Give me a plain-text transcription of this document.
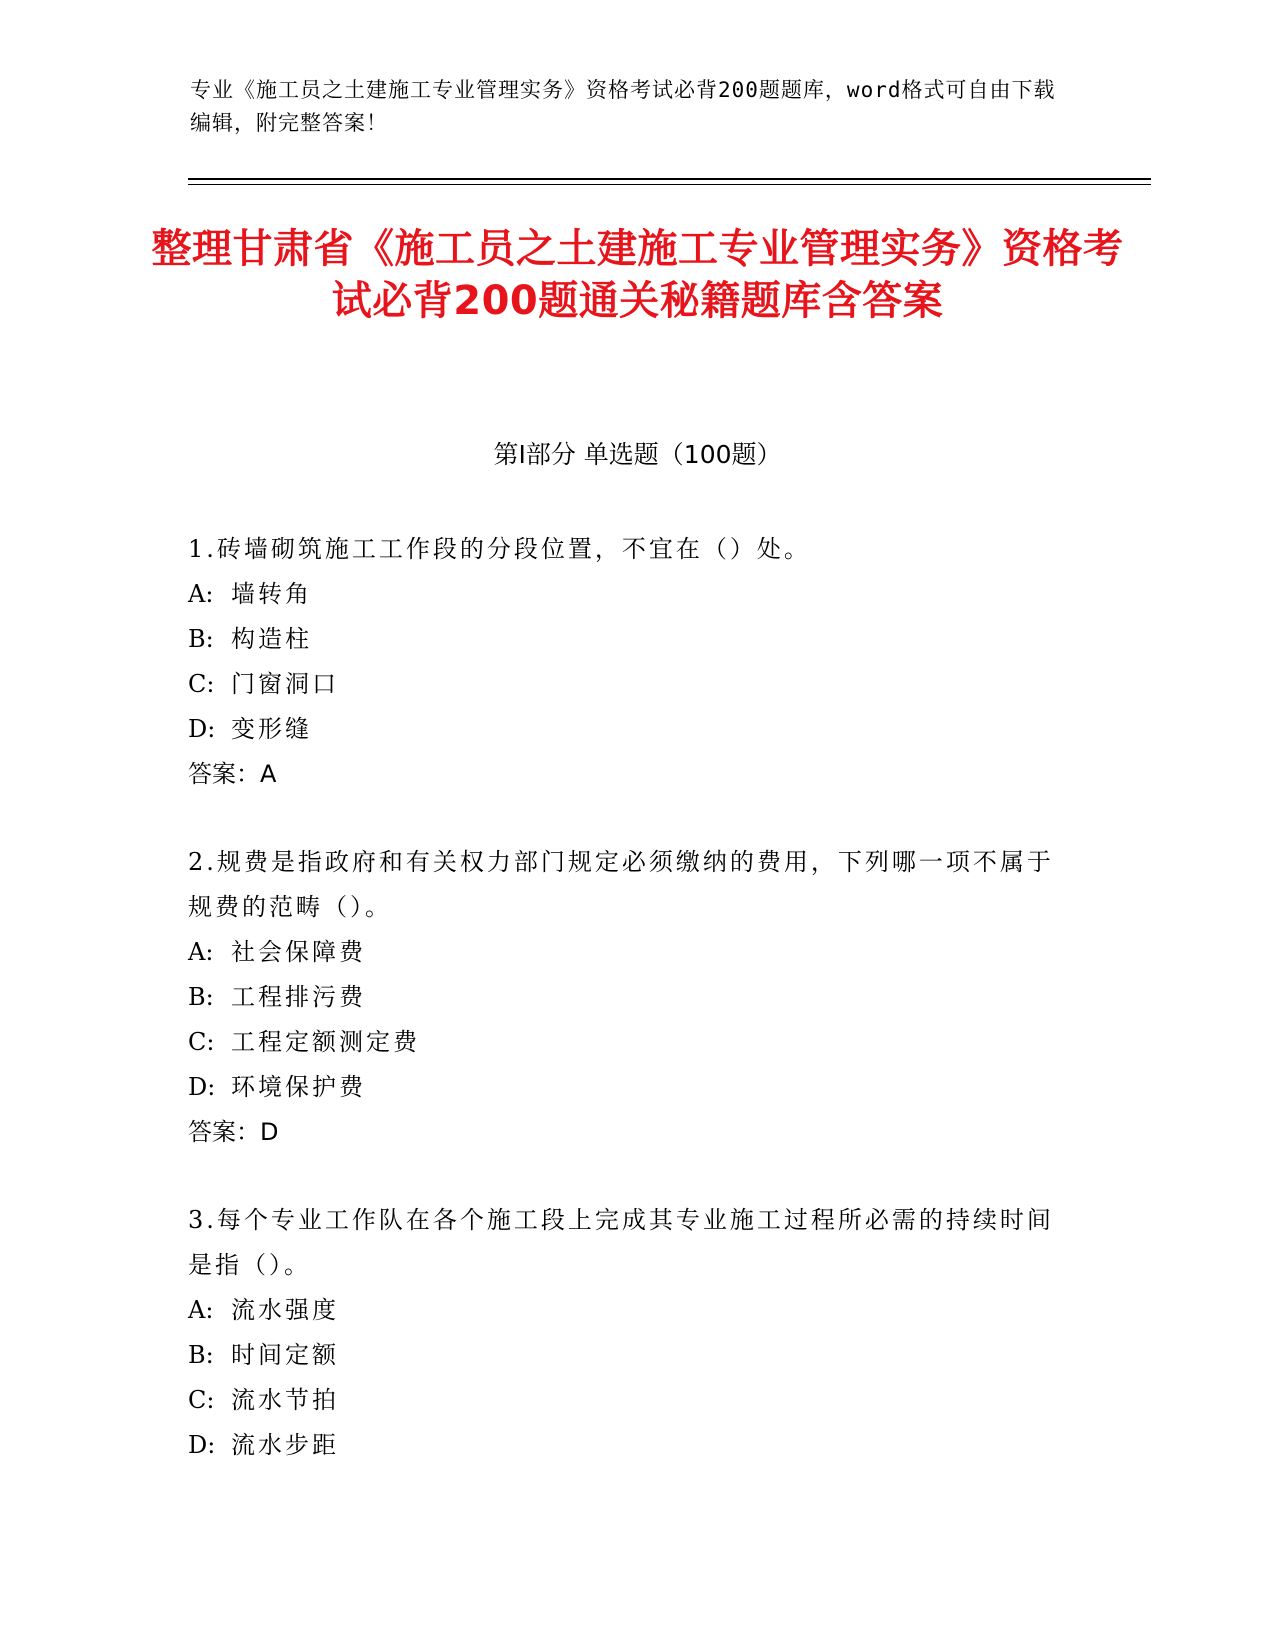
专业《施工员之土建施工专业管理实务》资格考试必背200题题库，word格式可自由下载编辑，附完整答案！
整理甘肃省《施工员之土建施工专业管理实务》资格考试必背200题通关秘籍题库含答案
第Ⅰ部分 单选题（100题）
1.砖墙砌筑施工工作段的分段位置，不宜在（）处。
A: 墙转角
B: 构造柱
C: 门窗洞口
D: 变形缝
答案：A
2.规费是指政府和有关权力部门规定必须缴纳的费用，下列哪一项不属于规费的范畴（）。
A: 社会保障费
B: 工程排污费
C: 工程定额测定费
D: 环境保护费
答案：D
3.每个专业工作队在各个施工段上完成其专业施工过程所必需的持续时间是指（）。
A: 流水强度
B: 时间定额
C: 流水节拍
D: 流水步距
